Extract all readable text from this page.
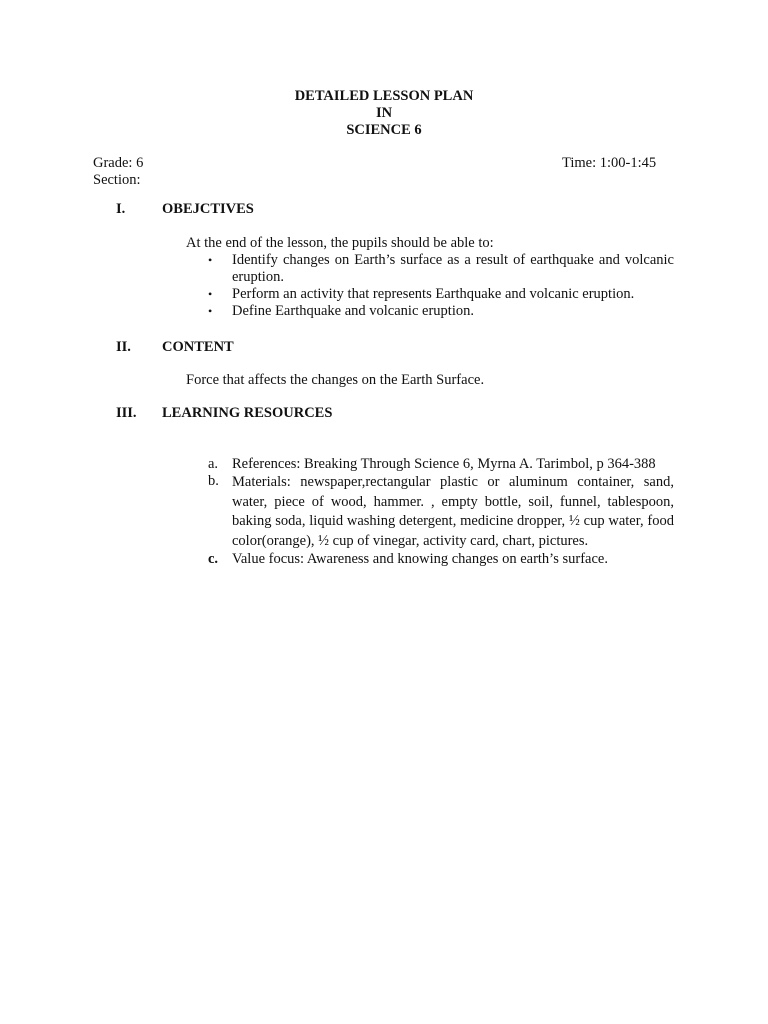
DETAILED LESSON PLAN
IN
SCIENCE 6
Grade: 6
Section:
Time: 1:00-1:45
I.	OBEJCTIVES
At the end of the lesson, the pupils should be able to:
•	Identify changes on Earth’s surface as a result of earthquake and volcanic eruption.
•	Perform an activity that represents Earthquake and volcanic eruption.
•	Define Earthquake and volcanic eruption.
II.	CONTENT
Force that affects the changes on the Earth Surface.
III.	LEARNING RESOURCES
a. References: Breaking Through Science 6, Myrna A. Tarimbol, p 364-388
b. Materials: newspaper,rectangular plastic or aluminum container, sand, water, piece of wood, hammer. , empty bottle, soil, funnel, tablespoon, baking soda, liquid washing detergent, medicine dropper, ½ cup water, food color(orange), ½ cup of vinegar, activity card, chart, pictures.
c. Value focus: Awareness and knowing changes on earth’s surface.
